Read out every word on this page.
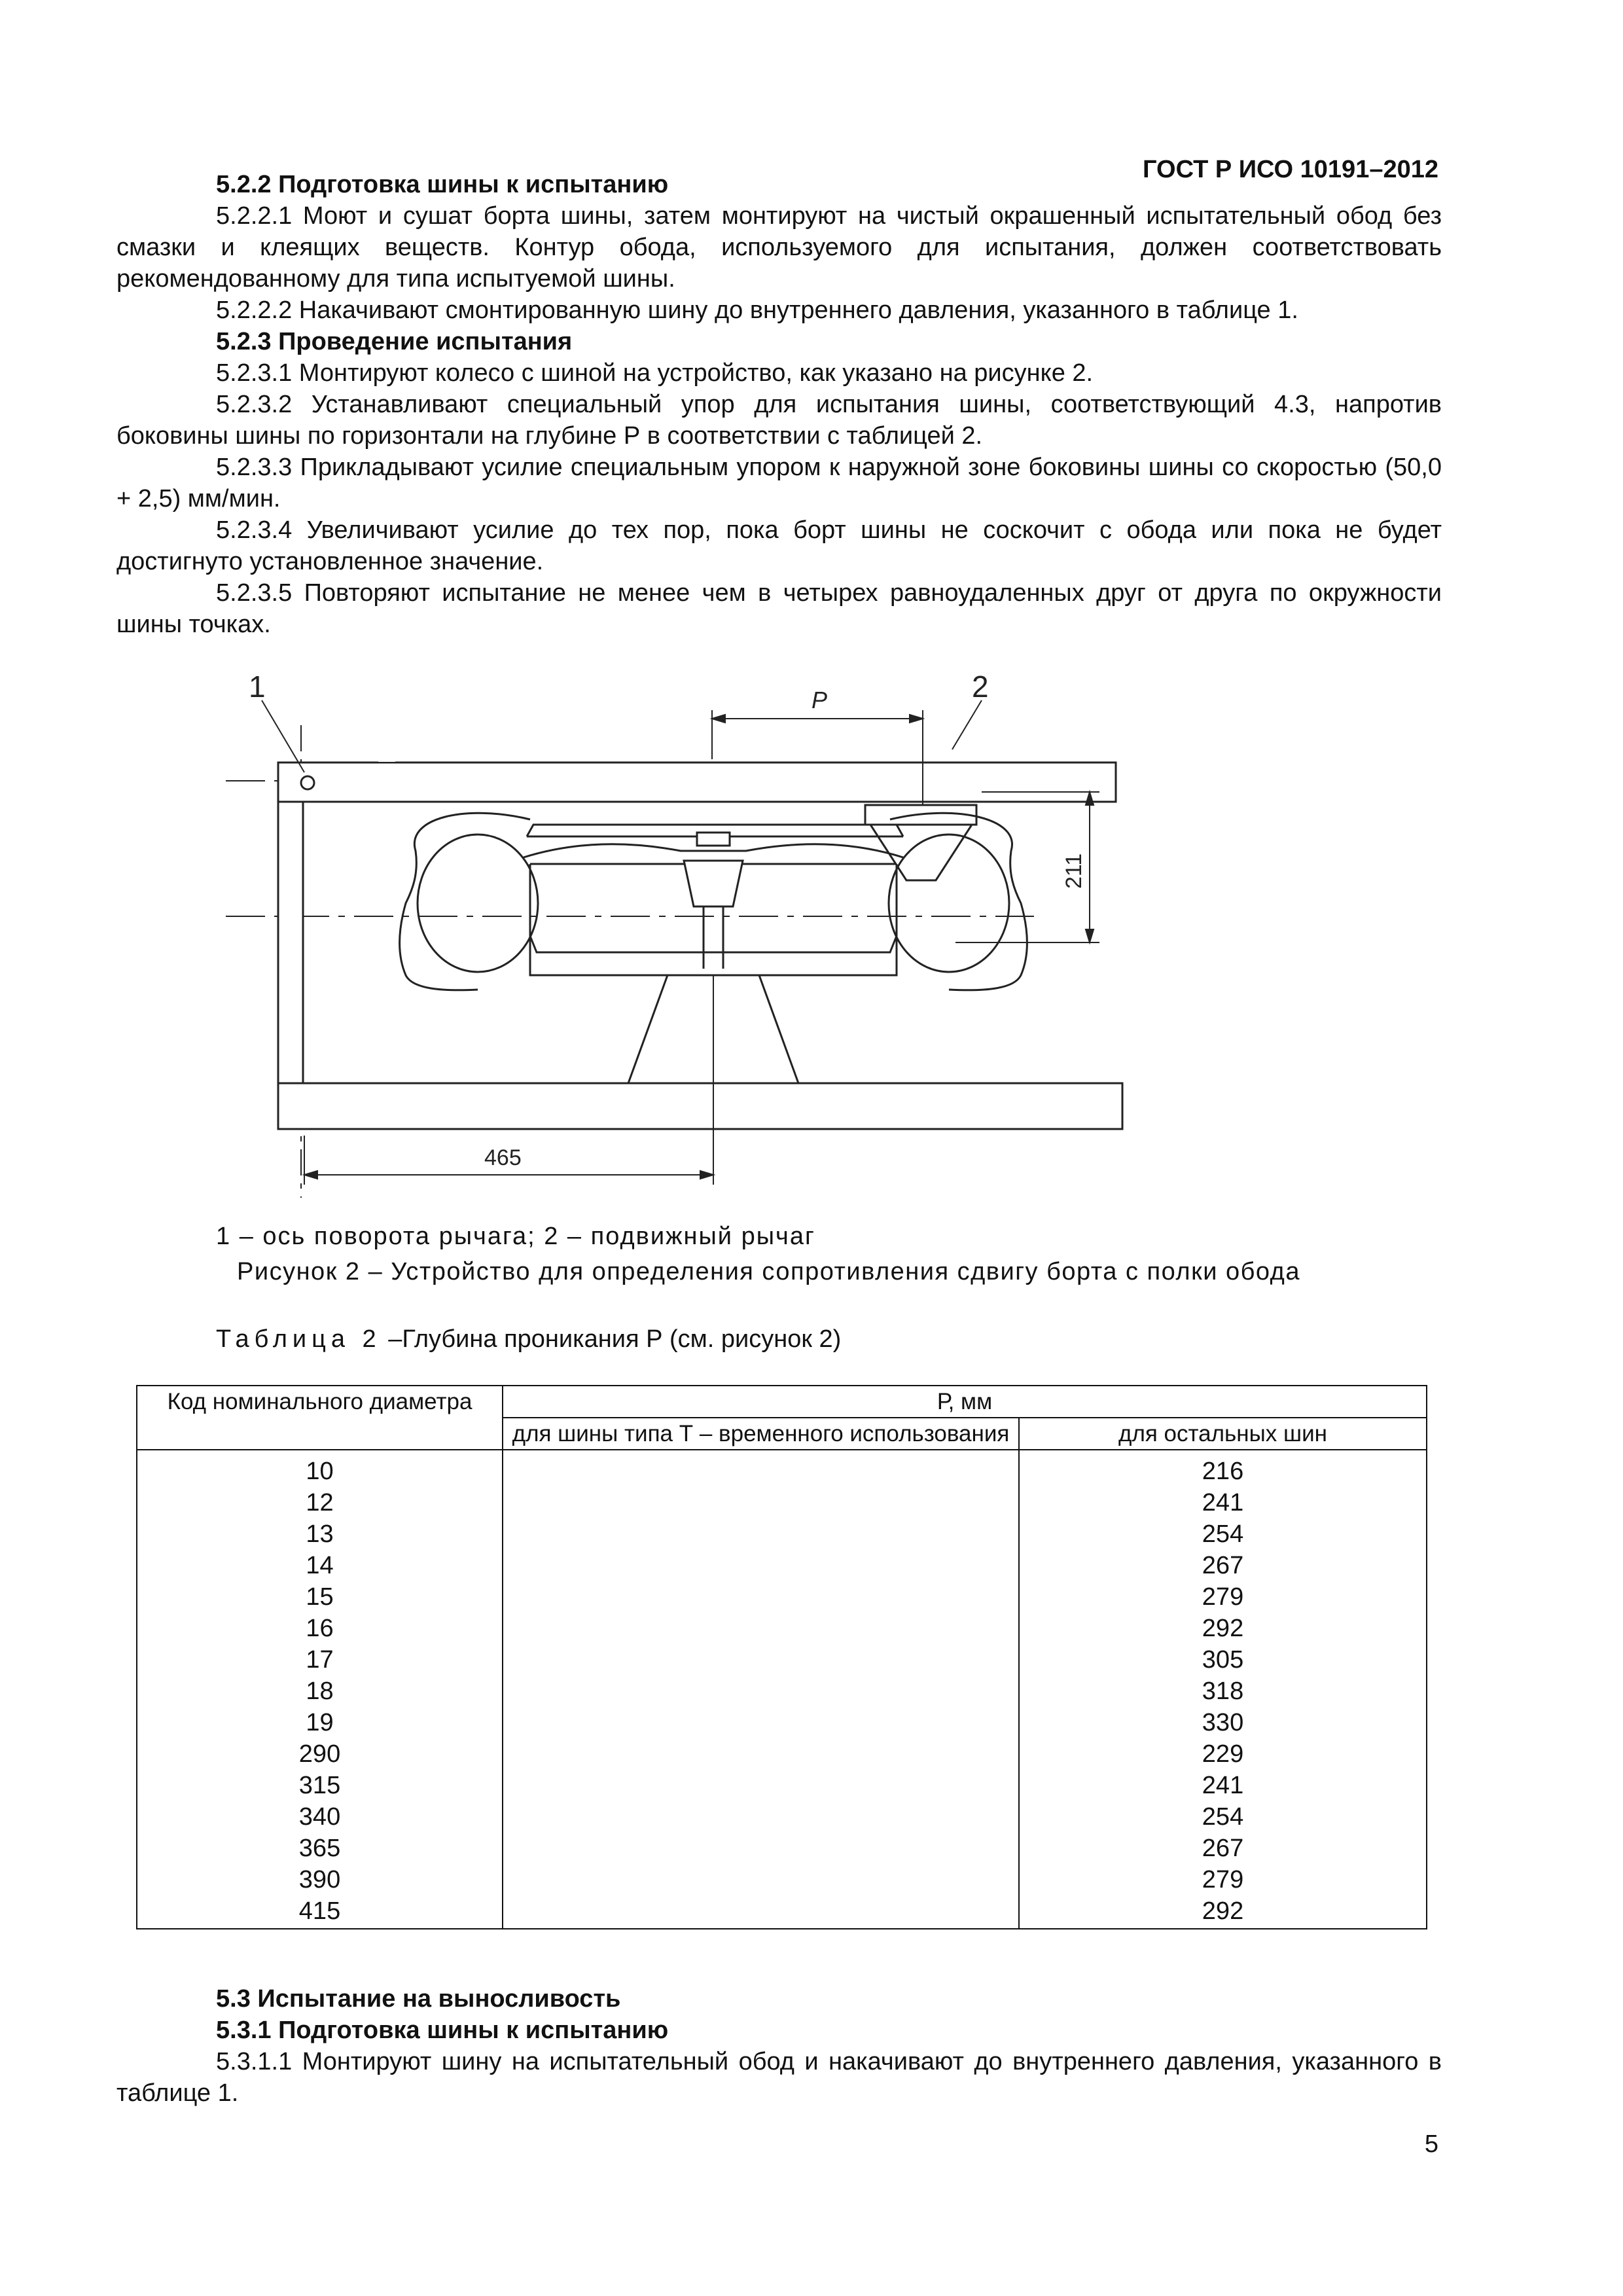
ГОСТ Р ИСО 10191–2012

5.2.2 Подготовка шины к испытанию

5.2.2.1 Моют и сушат борта шины, затем монтируют на чистый окрашенный испытательный обод без смазки и клеящих веществ. Контур обода, используемого для испытания, должен соответствовать рекомендованному для типа испытуемой шины.

5.2.2.2 Накачивают смонтированную шину до внутреннего давления, указанного в таблице 1.

5.2.3 Проведение испытания

5.2.3.1 Монтируют колесо с шиной на устройство, как указано на рисунке 2.

5.2.3.2 Устанавливают специальный упор для испытания шины, соответствующий 4.3, напротив боковины шины по горизонтали на глубине Р в соответствии с таблицей 2.

5.2.3.3 Прикладывают усилие специальным упором к наружной зоне боковины шины со скоростью (50,0 + 2,5) мм/мин.

5.2.3.4 Увеличивают усилие до тех пор, пока борт шины не соскочит с обода или пока не будет достигнуто установленное значение.

5.2.3.5 Повторяют испытание не менее чем в четырех равноудаленных друг от друга по окружности шины точках.

1	2
P
211
465
1 – ось поворота рычага; 2 – подвижный рычаг
Рисунок 2 – Устройство для определения сопротивления сдвигу борта с полки обода
Таблица 2 –Глубина проникания Р (см. рисунок 2)
Код номинального диаметра	Р, мм	
	для шины типа Т – временного использования	для остальных шин
10		216
12		241
13		254
14		267
15		279
16		292
17		305
18		318
19		330
290		229
315		241
340		254
365		267
390		279
415		292

5.3 Испытание на выносливость

5.3.1 Подготовка шины к испытанию

5.3.1.1 Монтируют шину на испытательный обод и накачивают до внутреннего давления, указанного в таблице 1.

5
